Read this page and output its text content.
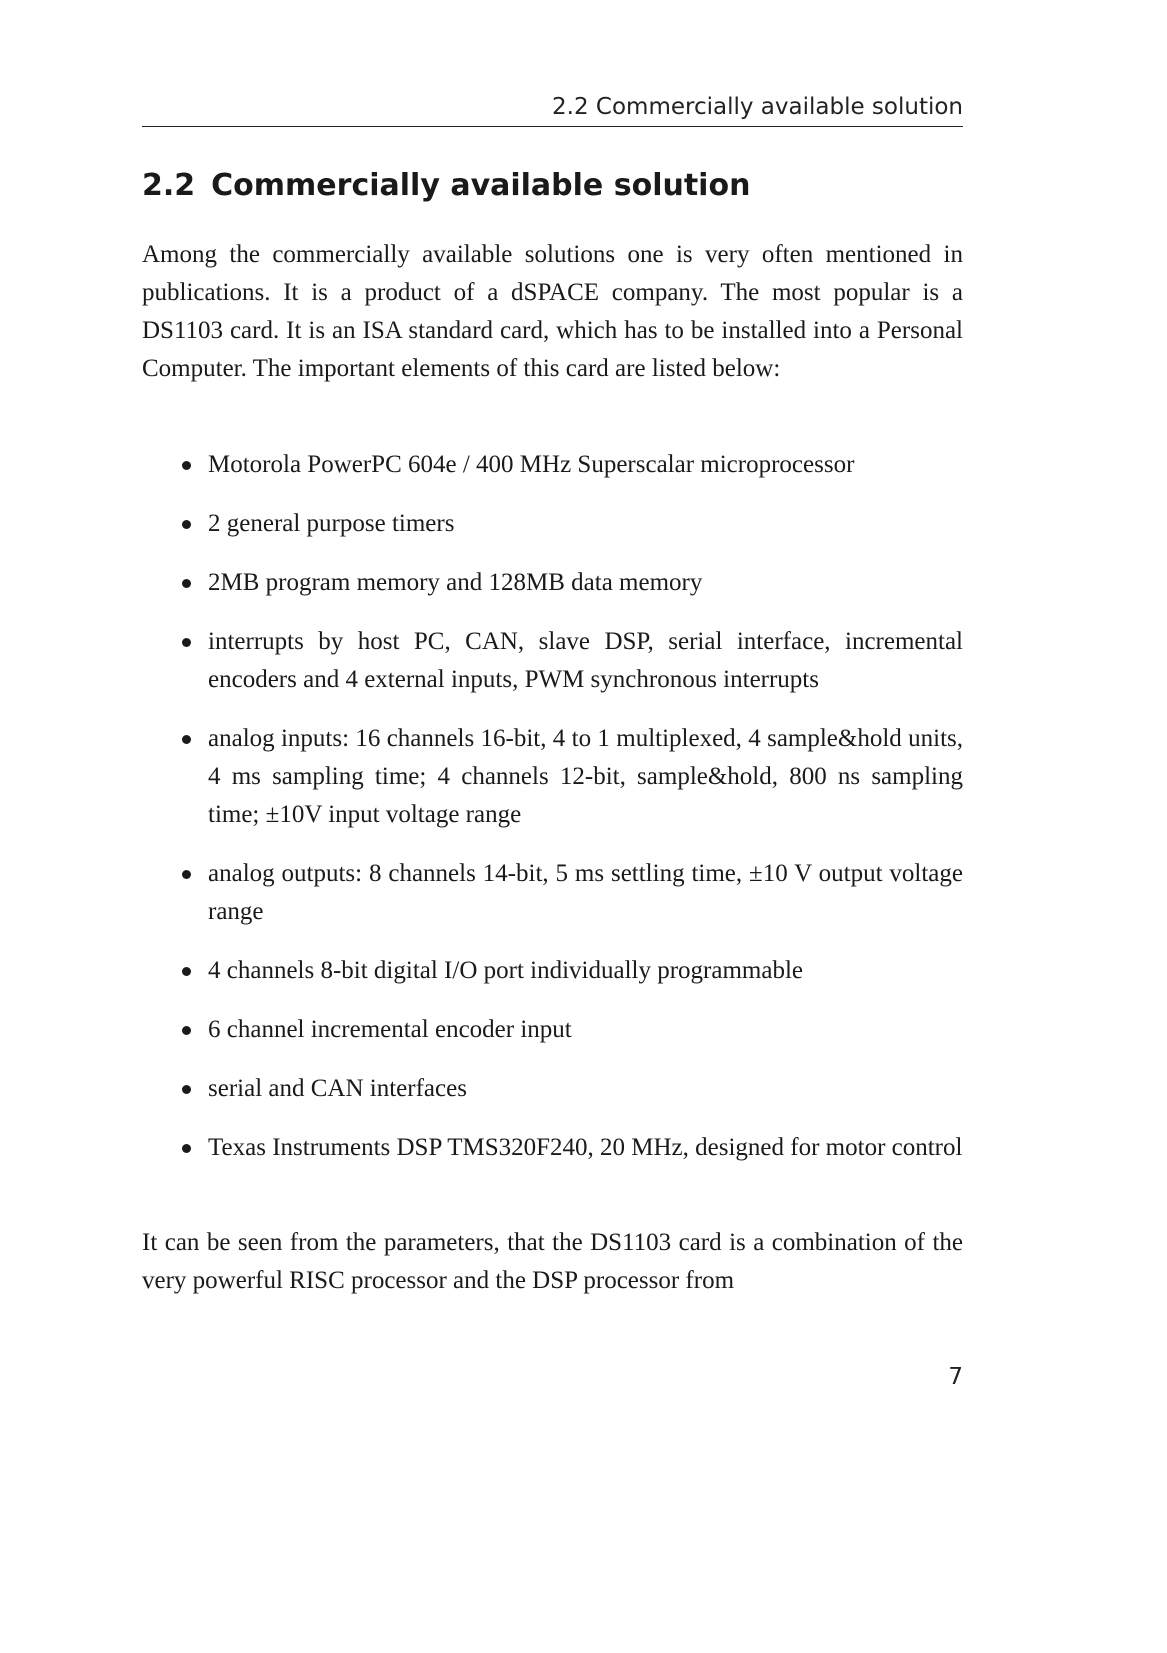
2.2 Commercially available solution
2.2 Commercially available solution

Among the commercially available solutions one is very often mentioned in publications. It is a product of a dSPACE company. The most popular is a DS1103 card. It is an ISA standard card, which has to be installed into a Personal Computer. The important elements of this card are listed below:

Motorola PowerPC 604e / 400 MHz Superscalar microprocessor
2 general purpose timers
2MB program memory and 128MB data memory
interrupts by host PC, CAN, slave DSP, serial interface, incremental encoders and 4 external inputs, PWM synchronous interrupts
analog inputs: 16 channels 16-bit, 4 to 1 multiplexed, 4 sample&hold units, 4 ms sampling time; 4 channels 12-bit, sample&hold, 800 ns sampling time; ±10V input voltage range
analog outputs: 8 channels 14-bit, 5 ms settling time, ±10 V output voltage range
4 channels 8-bit digital I/O port individually programmable
6 channel incremental encoder input
serial and CAN interfaces
Texas Instruments DSP TMS320F240, 20 MHz, designed for motor control

It can be seen from the parameters, that the DS1103 card is a combination of the very powerful RISC processor and the DSP processor from

7
